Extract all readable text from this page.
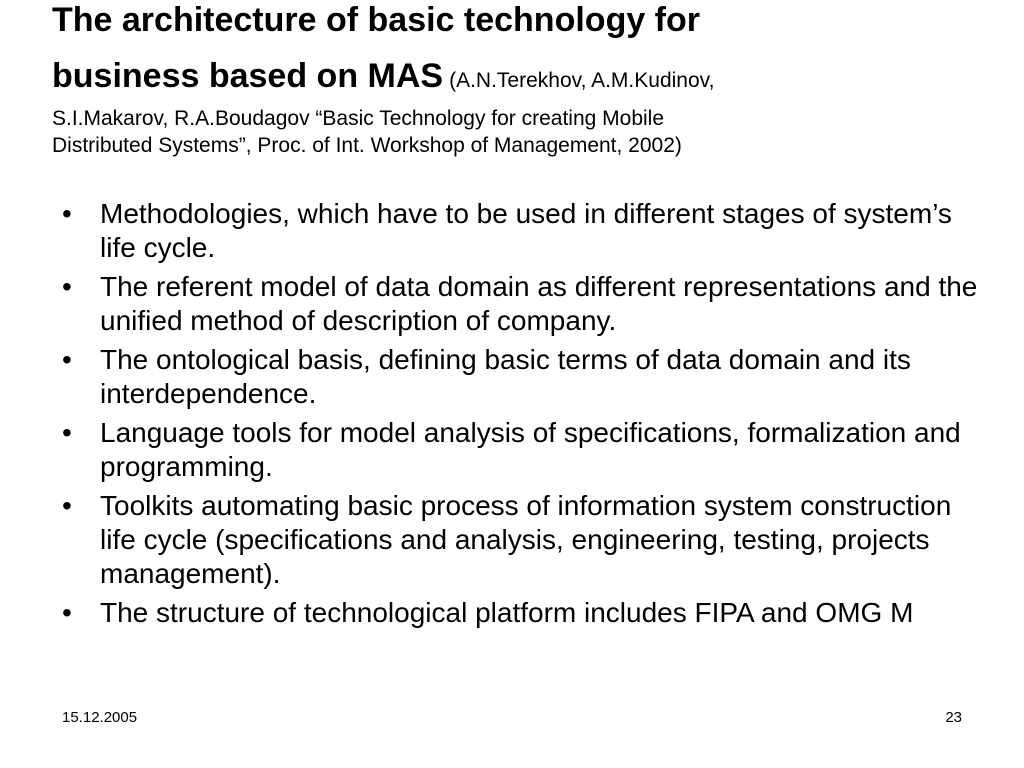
The architecture of basic technology for
business based on MAS (A.N.Terekhov, A.M.Kudinov,
S.I.Makarov, R.A.Boudagov “Basic Technology for creating Mobile
Distributed Systems”, Proc. of Int. Workshop of Management, 2002)
• Methodologies, which have to be used in different stages of system’s life cycle.
• The referent model of data domain as different representations and the unified method of description of company.
• The ontological basis, defining basic terms of data domain and its interdependence.
• Language tools for model analysis of specifications, formalization and programming.
• Toolkits automating basic process of information system construction life cycle (specifications and analysis, engineering, testing, projects management).
• The structure of technological platform includes FIPA and OMG M
15.12.2005	23
